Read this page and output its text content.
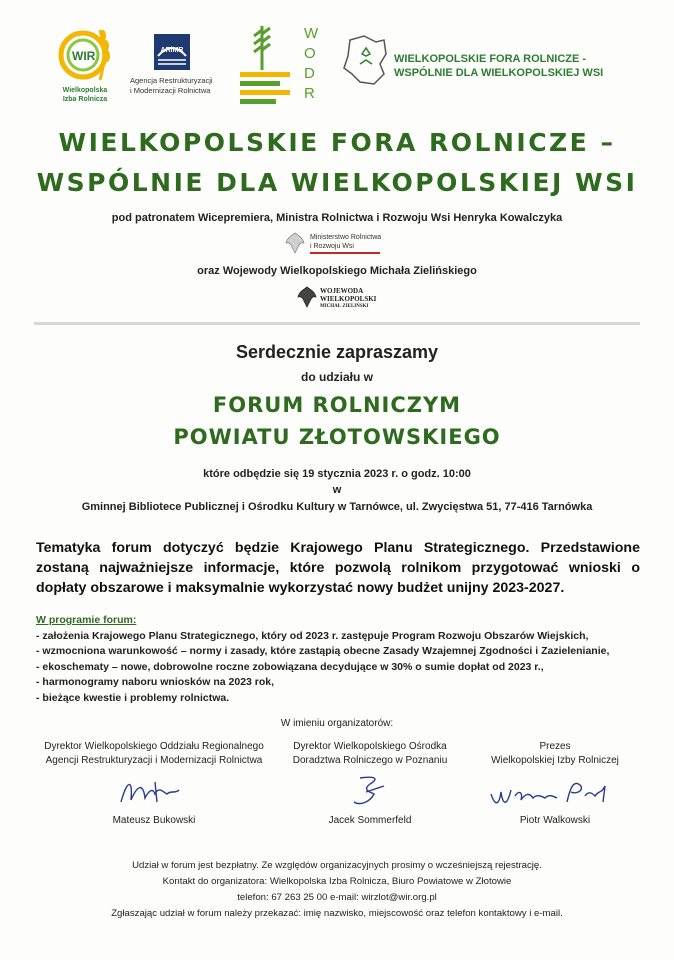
WIR
Wielkopolska
Izba Rolnicza
ARiMR
Agencja Restrukturyzacji
i Modernizacji Rolnictwa
W
O
D
R
WIELKOPOLSKIE FORA ROLNICZE -
WSPÓLNIE DLA WIELKOPOLSKIEJ WSI
WIELKOPOLSKIE FORA ROLNICZE –
WSPÓLNIE DLA WIELKOPOLSKIEJ WSI
pod patronatem Wicepremiera, Ministra Rolnictwa i Rozwoju Wsi Henryka Kowalczyka
Ministerstwo Rolnictwa
i Rozwoju Wsi
oraz Wojewody Wielkopolskiego Michała Zielińskiego
WOJEWODA
WIELKOPOLSKI
MICHAŁ ZIELIŃSKI
Serdecznie zapraszamy
do udziału w
FORUM ROLNICZYM
POWIATU ZŁOTOWSKIEGO
które odbędzie się 19 stycznia 2023 r. o godz. 10:00
w
Gminnej Bibliotece Publicznej i Ośrodku Kultury w Tarnówce, ul. Zwycięstwa 51, 77-416 Tarnówka
Tematyka forum dotyczyć będzie Krajowego Planu Strategicznego. Przedstawione zostaną najważniejsze informacje, które pozwolą rolnikom przygotować wnioski o dopłaty obszarowe i maksymalnie wykorzystać nowy budżet unijny 2023-2027.
W programie forum:
- założenia Krajowego Planu Strategicznego, który od 2023 r. zastępuje Program Rozwoju Obszarów Wiejskich,
- wzmocniona warunkowość – normy i zasady, które zastąpią obecne Zasady Wzajemnej Zgodności i Zazielenianie,
- ekoschematy – nowe, dobrowolne roczne zobowiązana decydujące w 30% o sumie dopłat od 2023 r.,
- harmonogramy naboru wniosków na 2023 rok,
- bieżące kwestie i problemy rolnictwa.
W imieniu organizatorów:
Dyrektor Wielkopolskiego Oddziału Regionalnego
Agencji Restrukturyzacji i Modernizacji Rolnictwa
Mateusz Bukowski
Dyrektor Wielkopolskiego Ośrodka
Doradztwa Rolniczego w Poznaniu
Jacek Sommerfeld
Prezes
Wielkopolskiej Izby Rolniczej
Piotr Walkowski
Udział w forum jest bezpłatny. Ze względów organizacyjnych prosimy o wcześniejszą rejestrację.
Kontakt do organizatora: Wielkopolska Izba Rolnicza, Biuro Powiatowe w Złotowie
telefon: 67 263 25 00 e-mail: wirzlot@wir.org.pl
Zgłaszając udział w forum należy przekazać: imię nazwisko, miejscowość oraz telefon kontaktowy i e-mail.
